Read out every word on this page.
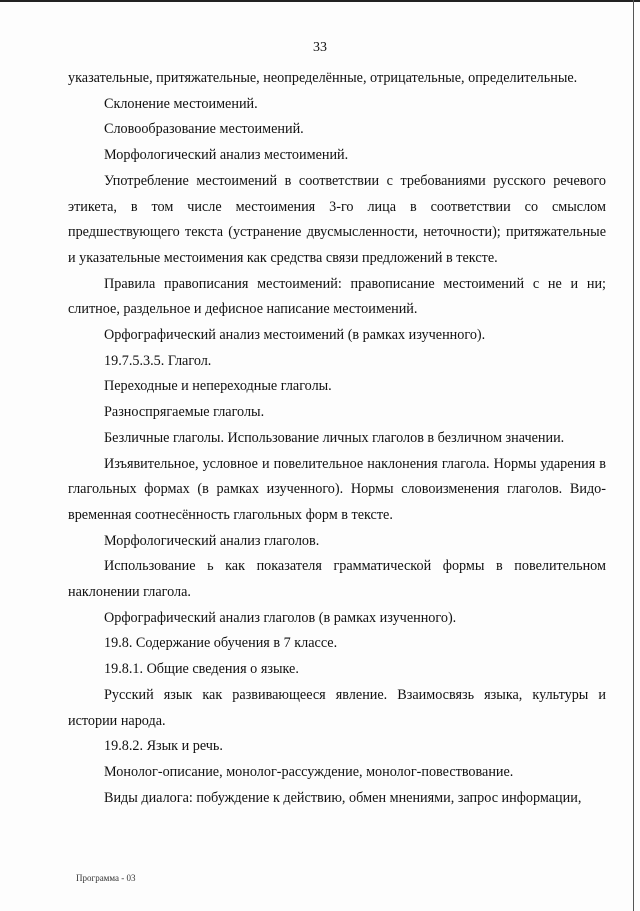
33

указательные, притяжательные, неопределённые, отрицательные, определительные.

Склонение местоимений.

Словообразование местоимений.

Морфологический анализ местоимений.

Употребление местоимений в соответствии с требованиями русского речевого этикета, в том числе местоимения 3-го лица в соответствии со смыслом предшествующего текста (устранение двусмысленности, неточности); притяжательные и указательные местоимения как средства связи предложений в тексте.

Правила правописания местоимений: правописание местоимений с не и ни; слитное, раздельное и дефисное написание местоимений.

Орфографический анализ местоимений (в рамках изученного).

19.7.5.3.5. Глагол.

Переходные и непереходные глаголы.

Разноспрягаемые глаголы.

Безличные глаголы. Использование личных глаголов в безличном значении.

Изъявительное, условное и повелительное наклонения глагола. Нормы ударения в глагольных формах (в рамках изученного). Нормы словоизменения глаголов. Видо-временная соотнесённость глагольных форм в тексте.

Морфологический анализ глаголов.

Использование ь как показателя грамматической формы в повелительном наклонении глагола.

Орфографический анализ глаголов (в рамках изученного).

19.8. Содержание обучения в 7 классе.

19.8.1. Общие сведения о языке.

Русский язык как развивающееся явление. Взаимосвязь языка, культуры и истории народа.

19.8.2. Язык и речь.

Монолог-описание, монолог-рассуждение, монолог-повествование.

Виды диалога: побуждение к действию, обмен мнениями, запрос информации,

Программа - 03
